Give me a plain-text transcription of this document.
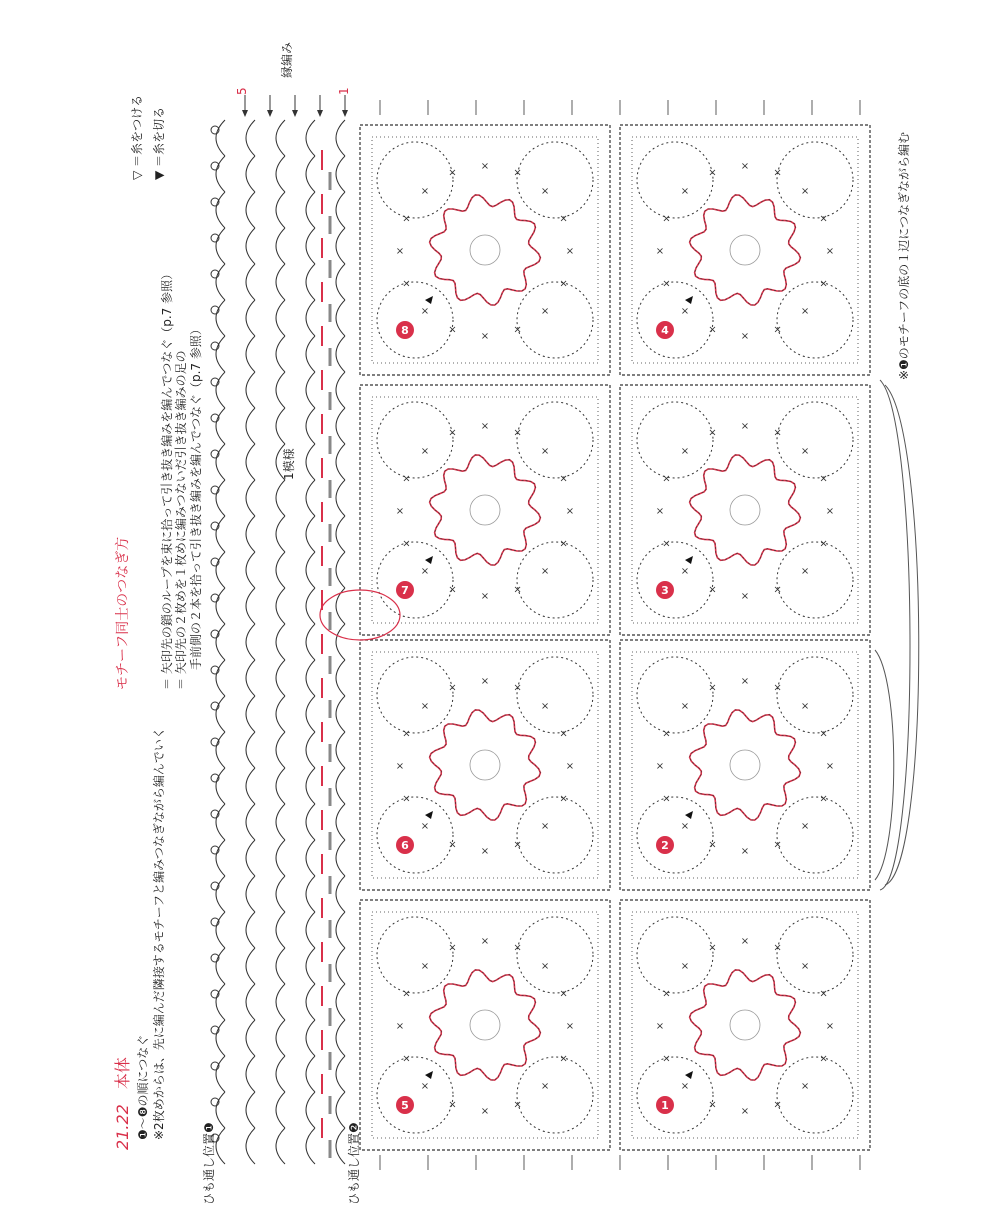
×
×
×
×
×
×
×
×
×
×
×
×
×
×
×
×
1
×
×
×
×
×
×
×
×
×
×
×
×
×
×
×
×
2
×
×
×
×
×
×
×
×
×
×
×
×
×
×
×
×
3
×
×
×
×
×
×
×
×
×
×
×
×
×
×
×
×
4
×
×
×
×
×
×
×
×
×
×
×
×
×
×
×
×
5
×
×
×
×
×
×
×
×
×
×
×
×
×
×
×
×
6
×
×
×
×
×
×
×
×
×
×
×
×
×
×
×
×
7
×
×
×
×
×
×
×
×
×
×
×
×
×
×
×
×
8
21.22 本体 ❶〜❽の順につなぐ ※2枚めからは、先に編んだ隣接するモチーフと編みつなぎながら編んでいく
モチーフ同士のつなぎ方 ＝ 矢印先の鎖のループを束に拾って引き抜き編みを編んでつなぐ（p.7 参照） ＝ 矢印先の２枚めを１枚めに編みつないだ引き抜き編みの足の 手前側の２本を拾って引き抜き編みを編んでつなぐ（p.7 参照）
▽ ＝糸をつける
▼ ＝糸を切る
縁編み
5	1
※❶のモチーフの底の１辺につなぎながら編む
ひも通し位置❶	ひも通し位置❷
1模様
